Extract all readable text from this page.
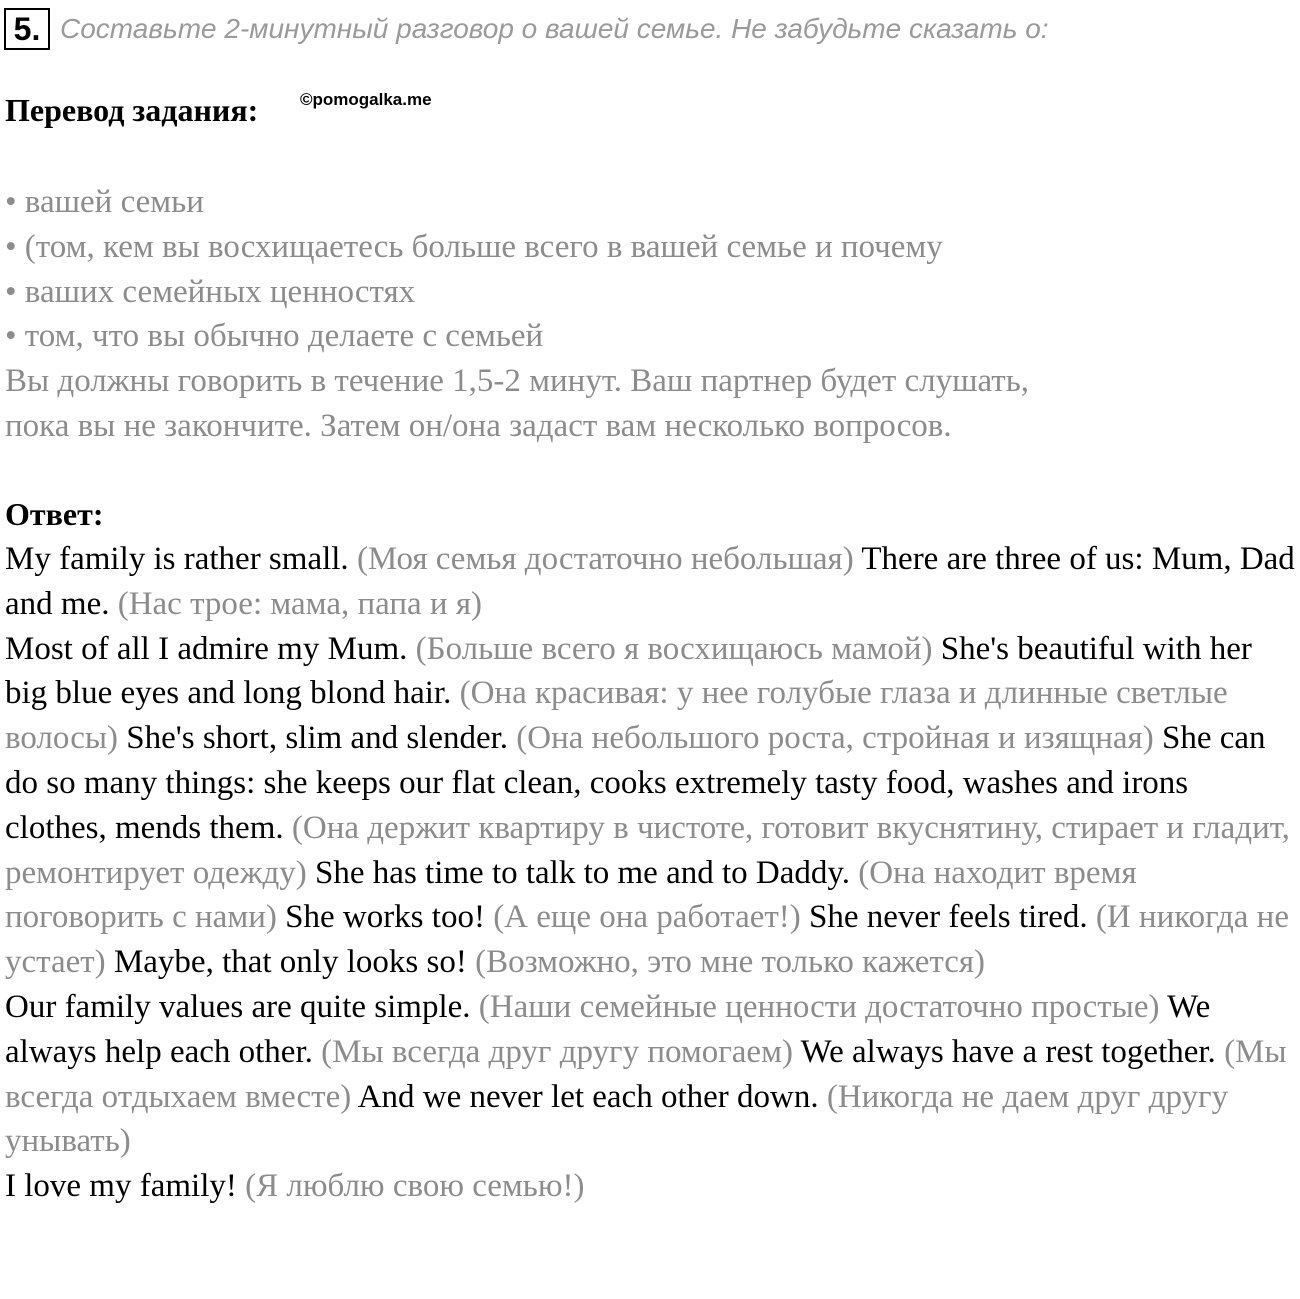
5. Составьте 2-минутный разговор о вашей семье. Не забудьте сказать о:
Перевод задания: ©pomogalka.me
• вашей семьи
• (том, кем вы восхищаетесь больше всего в вашей семье и почему
• ваших семейных ценностях
• том, что вы обычно делаете с семьей
Вы должны говорить в течение 1,5-2 минут. Ваш партнер будет слушать,
пока вы не закончите. Затем он/она задаст вам несколько вопросов.
Ответ:

My family is rather small. (Моя семья достаточно небольшая) There are three of us: Mum, Dad and me. (Нас трое: мама, папа и я)

Most of all I admire my Mum. (Больше всего я восхищаюсь мамой) She's beautiful with her big blue eyes and long blond hair. (Она красивая: у нее голубые глаза и длинные светлые волосы) She's short, slim and slender. (Она небольшого роста, стройная и изящная) She can do so many things: she keeps our flat clean, cooks extremely tasty food, washes and irons clothes, mends them. (Она держит квартиру в чистоте, готовит вкуснятину, стирает и гладит, ремонтирует одежду) She has time to talk to me and to Daddy. (Она находит время поговорить с нами) She works too! (А еще она работает!) She never feels tired. (И никогда не устает) Maybe, that only looks so! (Возможно, это мне только кажется)

Our family values are quite simple. (Наши семейные ценности достаточно простые) We always help each other. (Мы всегда друг другу помогаем) We always have a rest together. (Мы всегда отдыхаем вместе) And we never let each other down. (Никогда не даем друг другу унывать)

I love my family! (Я люблю свою семью!)
